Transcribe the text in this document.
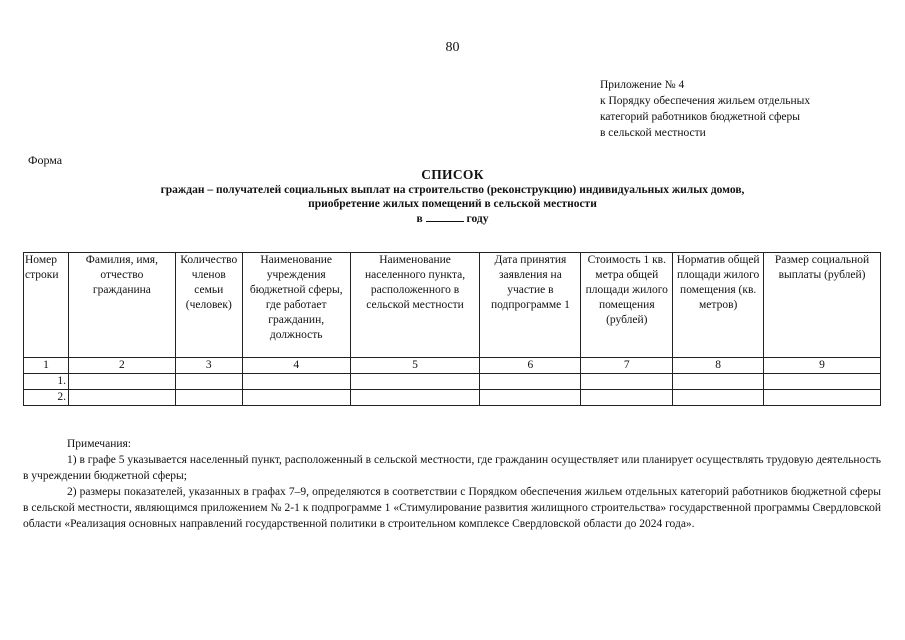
80
Приложение № 4
к Порядку обеспечения жильем отдельных
категорий работников бюджетной сферы
в сельской местности
Форма
СПИСОК
граждан – получателей социальных выплат на строительство (реконструкцию) индивидуальных жилых домов,
приобретение жилых помещений в сельской местности
в	году
Номер строки	Фамилия, имя, отчество гражданина	Количество членов семьи (человек)	Наименование учреждения бюджетной сферы, где работает гражданин, должность	Наименование населенного пункта, расположенного в сельской местности	Дата принятия заявления на участие в подпрограмме 1	Стоимость 1 кв. метра общей площади жилого помещения (рублей)	Норматив общей площади жилого помещения (кв. метров)	Размер социальной выплаты (рублей)
1	2	3	4	5	6	7	8	9
1.								
2.								

Примечания:

1) в графе 5 указывается населенный пункт, расположенный в сельской местности, где гражданин осуществляет или планирует осуществлять трудовую деятельность в учреждении бюджетной сферы;

2) размеры показателей, указанных в графах 7–9, определяются в соответствии с Порядком обеспечения жильем отдельных категорий работников бюджетной сферы в сельской местности, являющимся приложением № 2-1 к подпрограмме 1 «Стимулирование развития жилищного строительства» государственной программы Свердловской области «Реализация основных направлений государственной политики в строительном комплексе Свердловской области до 2024 года».
